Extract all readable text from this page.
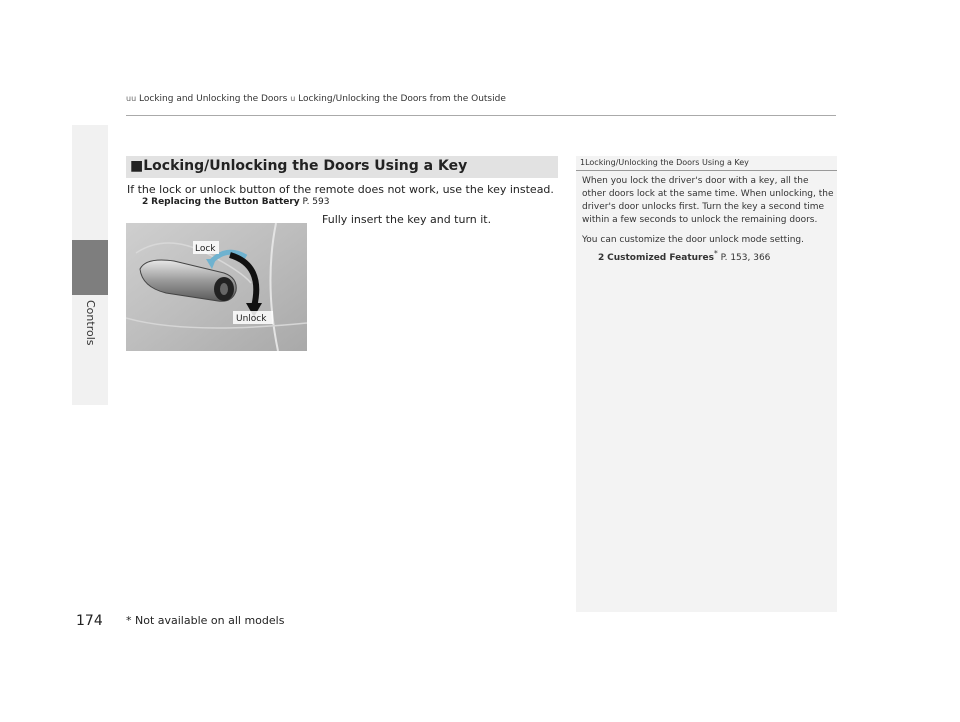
Controls
uu Locking and Unlocking the Doors u Locking/Unlocking the Doors from the Outside
■Locking/Unlocking the Doors Using a Key
If the lock or unlock button of the remote does not work, use the key instead.
2 Replacing the Button Battery P. 593
Fully insert the key and turn it.
Lock
Unlock
1Locking/Unlocking the Doors Using a Key

When you lock the driver's door with a key, all the other doors lock at the same time. When unlocking, the driver's door unlocks first. Turn the key a second time within a few seconds to unlock the remaining doors.

You can customize the door unlock mode setting.

2 Customized Features* P. 153, 366
174 * Not available on all models
